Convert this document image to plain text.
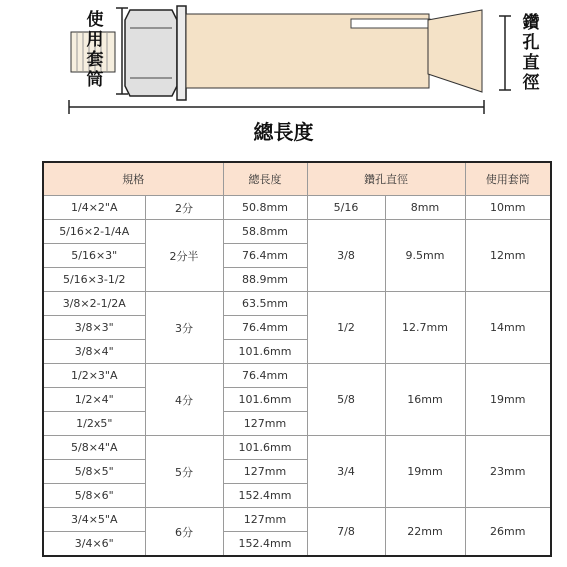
使用套筒
鑽孔直徑
總長度
規格		總長度	鑽孔直徑		使用套筒
1/4×2"A	2分	50.8mm	5/16	8mm	10mm
5/16×2-1/4A	2分半	58.8mm	3/8	9.5mm	12mm
5/16×3"		76.4mm			
5/16×3-1/2		88.9mm			
3/8×2-1/2A	3分	63.5mm	1/2	12.7mm	14mm
3/8×3"		76.4mm			
3/8×4"		101.6mm			
1/2×3"A	4分	76.4mm	5/8	16mm	19mm
1/2×4"		101.6mm			
1/2x5"		127mm			
5/8×4"A	5分	101.6mm	3/4	19mm	23mm
5/8×5"		127mm			
5/8×6"		152.4mm			
3/4×5"A	6分	127mm	7/8	22mm	26mm
3/4×6"		152.4mm			
